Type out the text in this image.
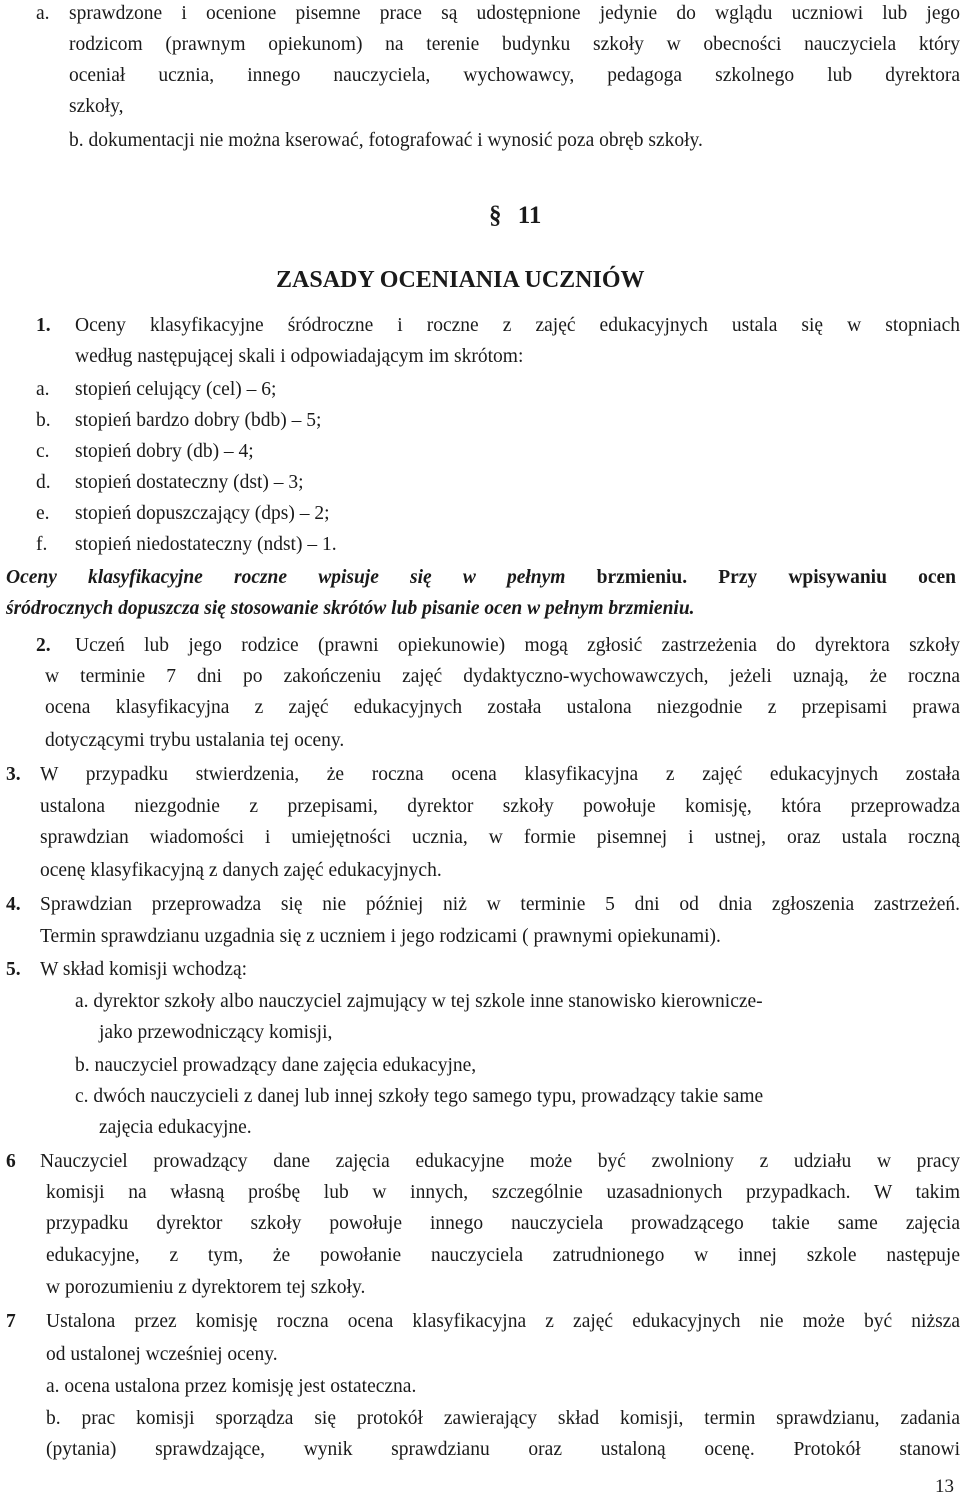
a. sprawdzone i ocenione pisemne prace są udostępnione jedynie do wglądu uczniowi lub jego
rodzicom (prawnym opiekunom) na terenie budynku szkoły w obecności nauczyciela który
oceniał ucznia, innego nauczyciela, wychowawcy, pedagoga szkolnego lub dyrektora
szkoły,
b. dokumentacji nie można kserować, fotografować i wynosić poza obręb szkoły.
§ 11
ZASADY OCENIANIA UCZNIÓW
1. Oceny klasyfikacyjne śródroczne i roczne z zajęć edukacyjnych ustala się w stopniach
według następującej skali i odpowiadającym im skrótom:
a. stopień celujący (cel) – 6;
b. stopień bardzo dobry (bdb) – 5;
c. stopień dobry (db) – 4;
d. stopień dostateczny (dst) – 3;
e. stopień dopuszczający (dps) – 2;
f. stopień niedostateczny (ndst) – 1.
Oceny klasyfikacyjne roczne wpisuje się w pełnym brzmieniu. Przy wpisywaniu ocen
śródrocznych dopuszcza się stosowanie skrótów lub pisanie ocen w pełnym brzmieniu.
2. Uczeń lub jego rodzice (prawni opiekunowie) mogą zgłosić zastrzeżenia do dyrektora szkoły
w terminie 7 dni po zakończeniu zajęć dydaktyczno-wychowawczych, jeżeli uznają, że roczna
ocena klasyfikacyjna z zajęć edukacyjnych została ustalona niezgodnie z przepisami prawa
dotyczącymi trybu ustalania tej oceny.
3. W przypadku stwierdzenia, że roczna ocena klasyfikacyjna z zajęć edukacyjnych została
ustalona niezgodnie z przepisami, dyrektor szkoły powołuje komisję, która przeprowadza
sprawdzian wiadomości i umiejętności ucznia, w formie pisemnej i ustnej, oraz ustala roczną
ocenę klasyfikacyjną z danych zajęć edukacyjnych.
4. Sprawdzian przeprowadza się nie później niż w terminie 5 dni od dnia zgłoszenia zastrzeżeń.
Termin sprawdzianu uzgadnia się z uczniem i jego rodzicami ( prawnymi opiekunami).
5. W skład komisji wchodzą:
a. dyrektor szkoły albo nauczyciel zajmujący w tej szkole inne stanowisko kierownicze-
jako przewodniczący komisji,
b. nauczyciel prowadzący dane zajęcia edukacyjne,
c. dwóch nauczycieli z danej lub innej szkoły tego samego typu, prowadzący takie same
zajęcia edukacyjne.
6 Nauczyciel prowadzący dane zajęcia edukacyjne może być zwolniony z udziału w pracy
komisji na własną prośbę lub w innych, szczególnie uzasadnionych przypadkach. W takim
przypadku dyrektor szkoły powołuje innego nauczyciela prowadzącego takie same zajęcia
edukacyjne, z tym, że powołanie nauczyciela zatrudnionego w innej szkole następuje
w porozumieniu z dyrektorem tej szkoły.
7 Ustalona przez komisję roczna ocena klasyfikacyjna z zajęć edukacyjnych nie może być niższa
od ustalonej wcześniej oceny.
a. ocena ustalona przez komisję jest ostateczna.
b. prac komisji sporządza się protokół zawierający skład komisji, termin sprawdzianu, zadania
(pytania) sprawdzające, wynik sprawdzianu oraz ustaloną ocenę. Protokół stanowi
13
